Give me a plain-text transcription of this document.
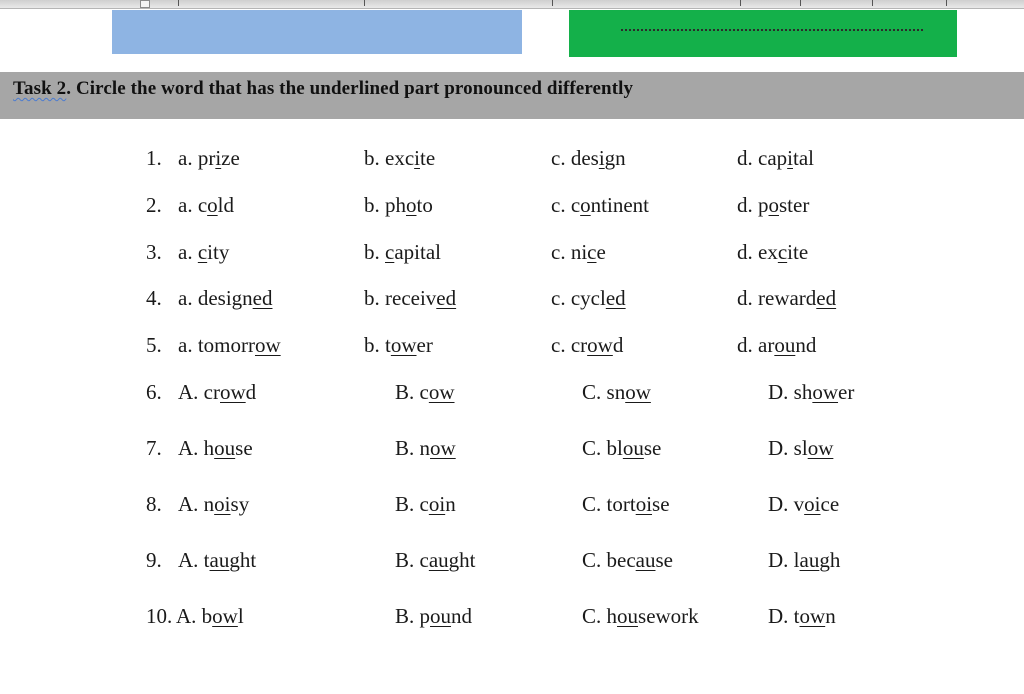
Task 2. Circle the word that has the underlined part pronounced differently
1. a. prize	b. excite	c. design	d. capital
2. a. cold	b. photo	c. continent	d. poster
3. a. city	b. capital	c. nice	d. excite
4. a. designed	b. received	c. cycled	d. rewarded
5. a. tomorrow	b. tower	c. crowd	d. around
6. A. crowd	B. cow	C. snow	D. shower
7. A. house	B. now	C. blouse	D. slow
8. A. noisy	B. coin	C. tortoise	D. voice
9. A. taught	B. caught	C. because	D. laugh
10. A. bowl	B. pound	C. housework	D. town
